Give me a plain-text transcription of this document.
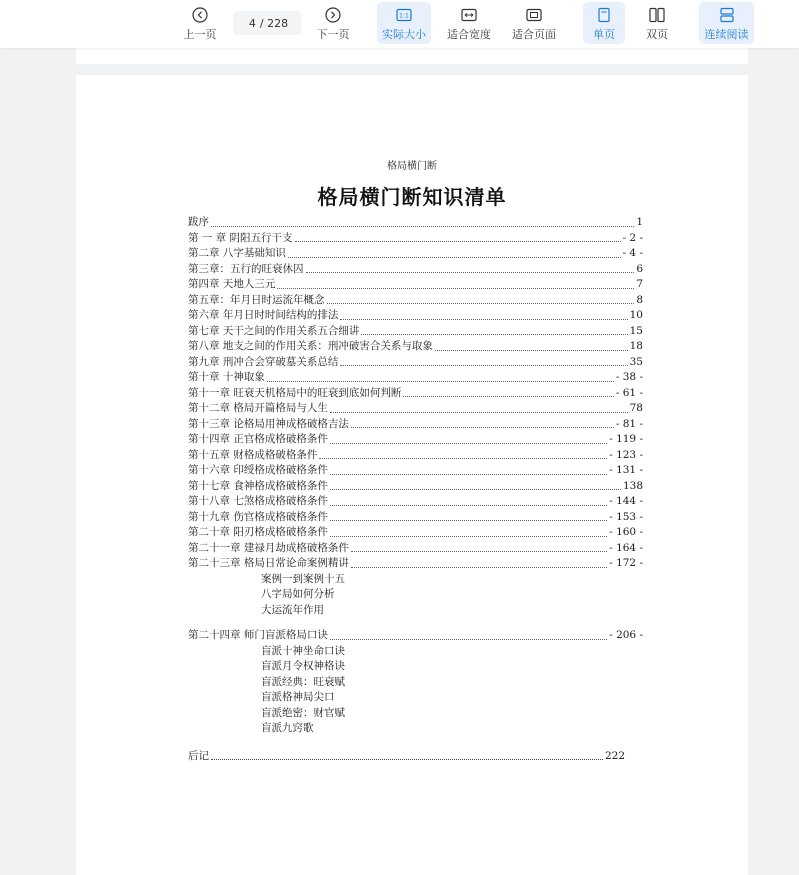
上一页
4 / 228
下一页
1:1
实际大小 适合宽度 适合页面	单页	双页	连续阅读
格局横门断
格局横门断知识清单
跋序	1
第 一 章 阴阳五行干支	- 2 -
第二章 八字基础知识	- 4 -
第三章：五行的旺衰休囚	6
第四章 天地人三元	7
第五章：年月日时运流年概念	8
第六章 年月日时时间结构的排法	10
第七章 天干之间的作用关系五合细讲	15
第八章 地支之间的作用关系：刑冲破害合关系与取象	18
第九章 刑冲合会穿破墓关系总结	35
第十章 十神取象	- 38 -
第十一章 旺衰天机格局中的旺衰到底如何判断	- 61 -
第十二章 格局开篇格局与人生	78
第十三章 论格局用神成格破格吉法	- 81 -
第十四章 正官格成格破格条件	- 119 -
第十五章 财格成格破格条件	- 123 -
第十六章 印绶格成格破格条件	- 131 -
第十七章 食神格成格破格条件	138
第十八章 七煞格成格破格条件	- 144 -
第十九章 伤官格成格破格条件	- 153 -
第二十章 阳刃格成格破格条件	- 160 -
第二十一章 建禄月劫成格破格条件	- 164 -
第二十三章 格局日常论命案例精讲	- 172 -
案例一到案例十五
八字局如何分析
大运流年作用
第二十四章 师门盲派格局口诀	- 206 -
盲派十神坐命口诀
盲派月令权神格诀
盲派经典：旺衰赋
盲派格神局尖口
盲派绝密：财官赋
盲派九窍歌
后记	222
